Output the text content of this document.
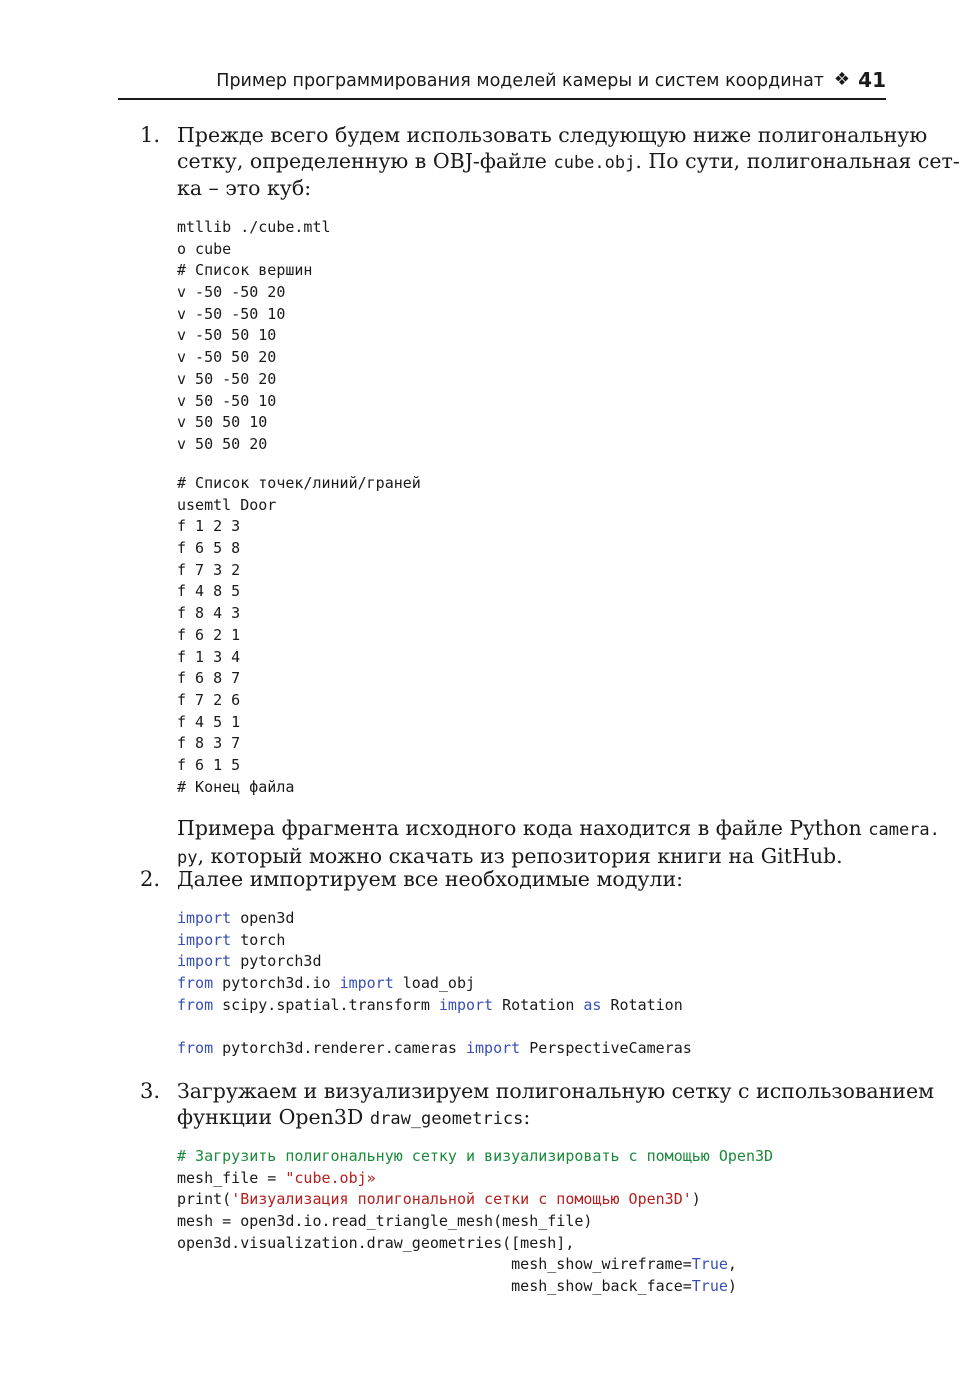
Пример программирования моделей камеры и систем координат ❖ 41
1. Прежде всего будем использовать следующую ниже полигональную
сетку, определенную в OBJ-файле cube.obj. По сути, полигональная сет-
ка – это куб:
mtllib ./cube.mtl
o cube
# Список вершин
v -50 -50 20
v -50 -50 10
v -50 50 10
v -50 50 20
v 50 -50 20
v 50 -50 10
v 50 50 10
v 50 50 20
# Список точек/линий/граней
usemtl Door
f 1 2 3
f 6 5 8
f 7 3 2
f 4 8 5
f 8 4 3
f 6 2 1
f 1 3 4
f 6 8 7
f 7 2 6
f 4 5 1
f 8 3 7
f 6 1 5
# Конец файла
Примера фрагмента исходного кода находится в файле Python camera.
py, который можно скачать из репозитория книги на GitHub.
2. Далее импортируем все необходимые модули:
import open3d
import torch
import pytorch3d
from pytorch3d.io import load_obj
from scipy.spatial.transform import Rotation as Rotation
from pytorch3d.renderer.cameras import PerspectiveCameras
3. Загружаем и визуализируем полигональную сетку с использованием
функции Open3D draw_geometrics:
# Загрузить полигональную сетку и визуализировать с помощью Open3D
mesh_file = "cube.obj»
print('Визуализация полигональной сетки с помощью Open3D')
mesh = open3d.io.read_triangle_mesh(mesh_file)
open3d.visualization.draw_geometries([mesh],
mesh_show_wireframe=True,
mesh_show_back_face=True)
